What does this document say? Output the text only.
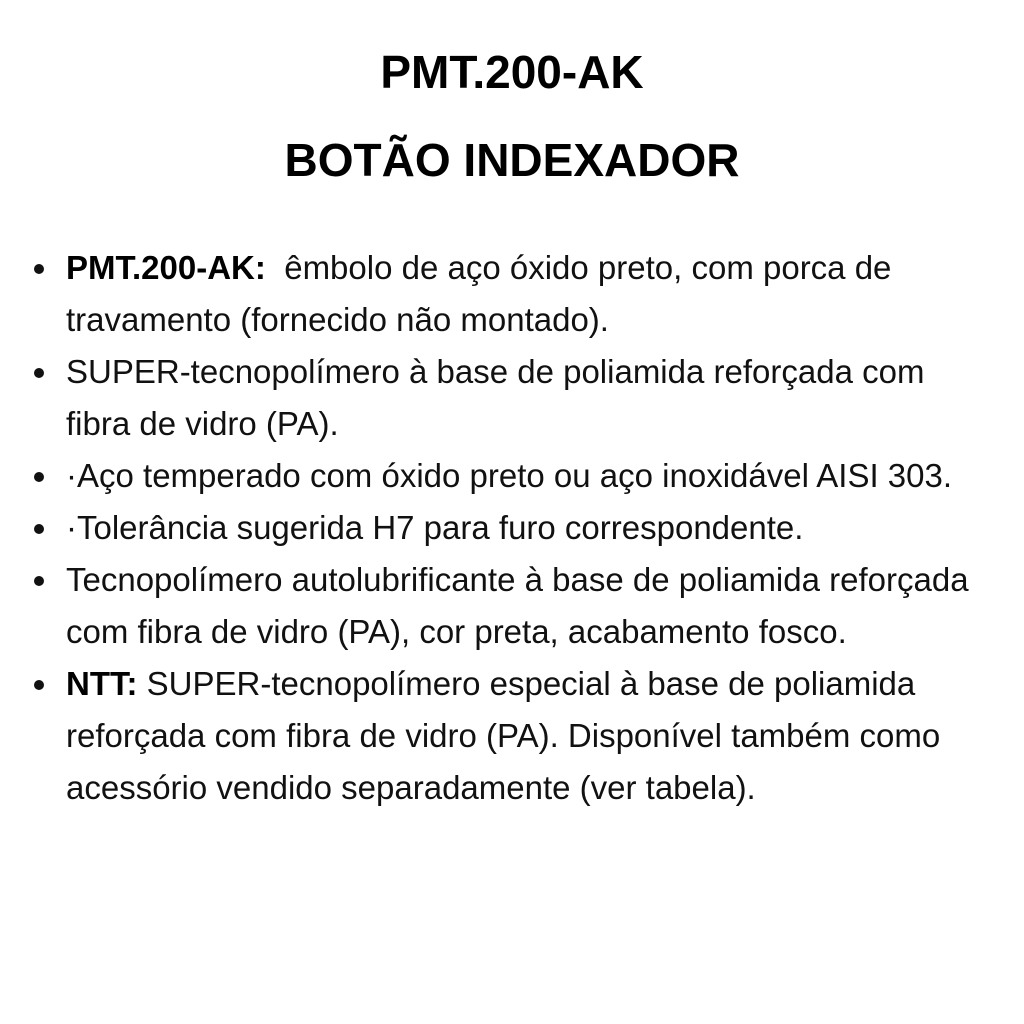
PMT.200-AK
BOTÃO INDEXADOR
PMT.200-AK:  êmbolo de aço óxido preto, com porca de travamento (fornecido não montado).
SUPER-tecnopolímero à base de poliamida reforçada com fibra de vidro (PA).
·Aço temperado com óxido preto ou aço inoxidável AISI 303.
·Tolerância sugerida H7 para furo correspondente.
Tecnopolímero autolubrificante à base de poliamida reforçada com fibra de vidro (PA), cor preta, acabamento fosco.
NTT: SUPER-tecnopolímero especial à base de poliamida reforçada com fibra de vidro (PA). Disponível também como acessório vendido separadamente (ver tabela).
